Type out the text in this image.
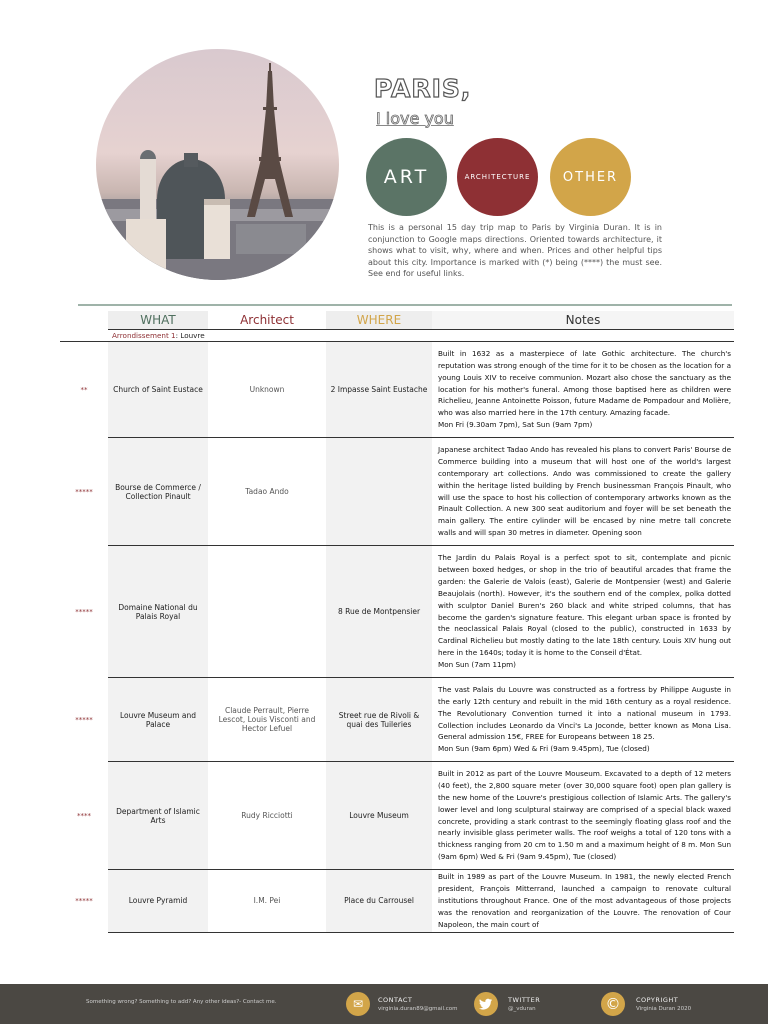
PARIS,
I love you
ART	ARCHITECTURE	OTHER
This is a personal 15 day trip map to Paris by Virginia Duran. It is in conjunction to Google maps directions. Oriented towards architecture, it shows what to visit, why, where and when. Prices and other helpful tips about this city. Importance is marked with (*) being (****) the must see. See end for useful links.
	WHAT	Architect	WHERE	Notes
	Arrondissement 1: Louvre			
**	Church of Saint Eustace	Unknown	2 Impasse Saint Eustache	Built in 1632 as a masterpiece of late Gothic architecture. The church's reputation was strong enough of the time for it to be chosen as the location for a young Louis XIV to receive communion. Mozart also chose the sanctuary as the location for his mother's funeral. Among those baptised here as children were Richelieu, Jeanne Antoinette Poisson, future Madame de Pompadour and Molière, who was also married here in the 17th century. Amazing facade.
Mon Fri (9.30am 7pm), Sat Sun (9am 7pm)
*****	Bourse de Commerce / Collection Pinault	Tadao Ando		Japanese architect Tadao Ando has revealed his plans to convert Paris' Bourse de Commerce building into a museum that will host one of the world's largest contemporary art collections. Ando was commissioned to create the gallery within the heritage listed building by French businessman François Pinault, who will use the space to host his collection of contemporary artworks known as the Pinault Collection. A new 300 seat auditorium and foyer will be set beneath the main gallery. The entire cylinder will be encased by nine metre tall concrete walls and will span 30 metres in diameter. Opening soon
*****	Domaine National du Palais Royal		8 Rue de Montpensier	The Jardin du Palais Royal is a perfect spot to sit, contemplate and picnic between boxed hedges, or shop in the trio of beautiful arcades that frame the garden: the Galerie de Valois (east), Galerie de Montpensier (west) and Galerie Beaujolais (north). However, it's the southern end of the complex, polka dotted with sculptor Daniel Buren's 260 black and white striped columns, that has become the garden's signature feature. This elegant urban space is fronted by the neoclassical Palais Royal (closed to the public), constructed in 1633 by Cardinal Richelieu but mostly dating to the late 18th century. Louis XIV hung out here in the 1640s; today it is home to the Conseil d'État.
Mon Sun (7am 11pm)
*****	Louvre Museum and Palace	Claude Perrault, Pierre Lescot, Louis Visconti and Hector Lefuel	Street rue de Rivoli & quai des Tuileries	The vast Palais du Louvre was constructed as a fortress by Philippe Auguste in the early 12th century and rebuilt in the mid 16th century as a royal residence. The Revolutionary Convention turned it into a national museum in 1793. Collection includes Leonardo da Vinci's La Joconde, better known as Mona Lisa. General admission 15€, FREE for Europeans between 18 25.
Mon Sun (9am 6pm) Wed & Fri (9am 9.45pm), Tue (closed)
****	Department of Islamic Arts	Rudy Ricciotti	Louvre Museum	Built in 2012 as part of the Louvre Mouseum. Excavated to a depth of 12 meters (40 feet), the 2,800 square meter (over 30,000 square foot) open plan gallery is the new home of the Louvre's prestigious collection of Islamic Arts. The gallery's lower level and long sculptural stairway are comprised of a special black waxed concrete, providing a stark contrast to the seemingly floating glass roof and the nearly invisible glass perimeter walls. The roof weighs a total of 120 tons with a thickness ranging from 20 cm to 1.50 m and a maximum height of 8 m. Mon Sun (9am 6pm) Wed & Fri (9am 9.45pm), Tue (closed)
*****	Louvre Pyramid	I.M. Pei	Place du Carrousel	Built in 1989 as part of the Louvre Museum. In 1981, the newly elected French president, François Mitterrand, launched a campaign to renovate cultural institutions throughout France. One of the most advantageous of those projects was the renovation and reorganization of the Louvre. The renovation of Cour Napoleon, the main court of
Something wrong? Something to add? Any other ideas?- Contact me.	✉	CONTACT
virginia.duran89@gmail.com
TWITTER
@_vduran	©	COPYRIGHT
Virginia Duran 2020
